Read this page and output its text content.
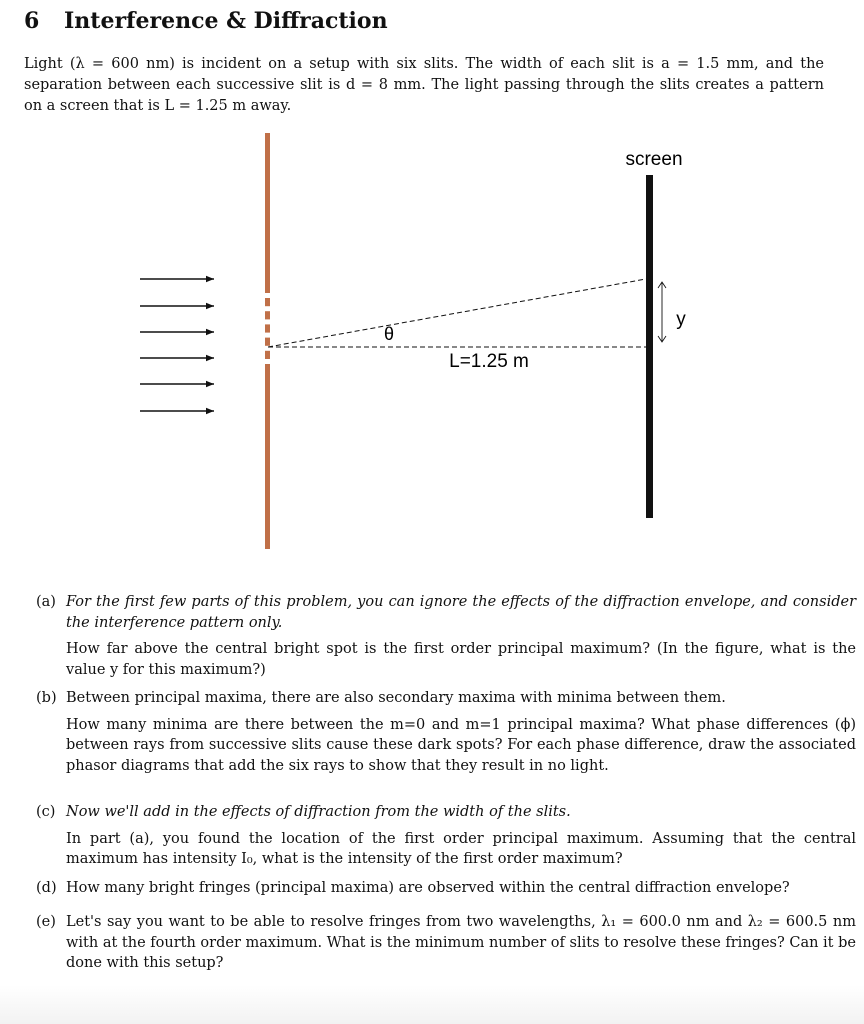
6 Interference & Diffraction

Light (λ = 600 nm) is incident on a setup with six slits. The width of each slit is a = 1.5 mm, and the separation between each successive slit is d = 8 mm. The light passing through the slits creates a pattern on a screen that is L = 1.25 m away.

screen
y
θ
L=1.25 m
(a) For the first few parts of this problem, you can ignore the effects of the diffraction envelope, and consider the interference pattern only.

How far above the central bright spot is the first order principal maximum? (In the figure, what is the value y for this maximum?)

(b) Between principal maxima, there are also secondary maxima with minima between them.

How many minima are there between the m=0 and m=1 principal maxima? What phase differences (ϕ) between rays from successive slits cause these dark spots? For each phase difference, draw the associated phasor diagrams that add the six rays to show that they result in no light.

(c) Now we'll add in the effects of diffraction from the width of the slits.

In part (a), you found the location of the first order principal maximum. Assuming that the central maximum has intensity I₀, what is the intensity of the first order maximum?

(d) How many bright fringes (principal maxima) are observed within the central diffraction envelope?

(e) Let's say you want to be able to resolve fringes from two wavelengths, λ₁ = 600.0 nm and λ₂ = 600.5 nm with at the fourth order maximum. What is the minimum number of slits to resolve these fringes? Can it be done with this setup?
